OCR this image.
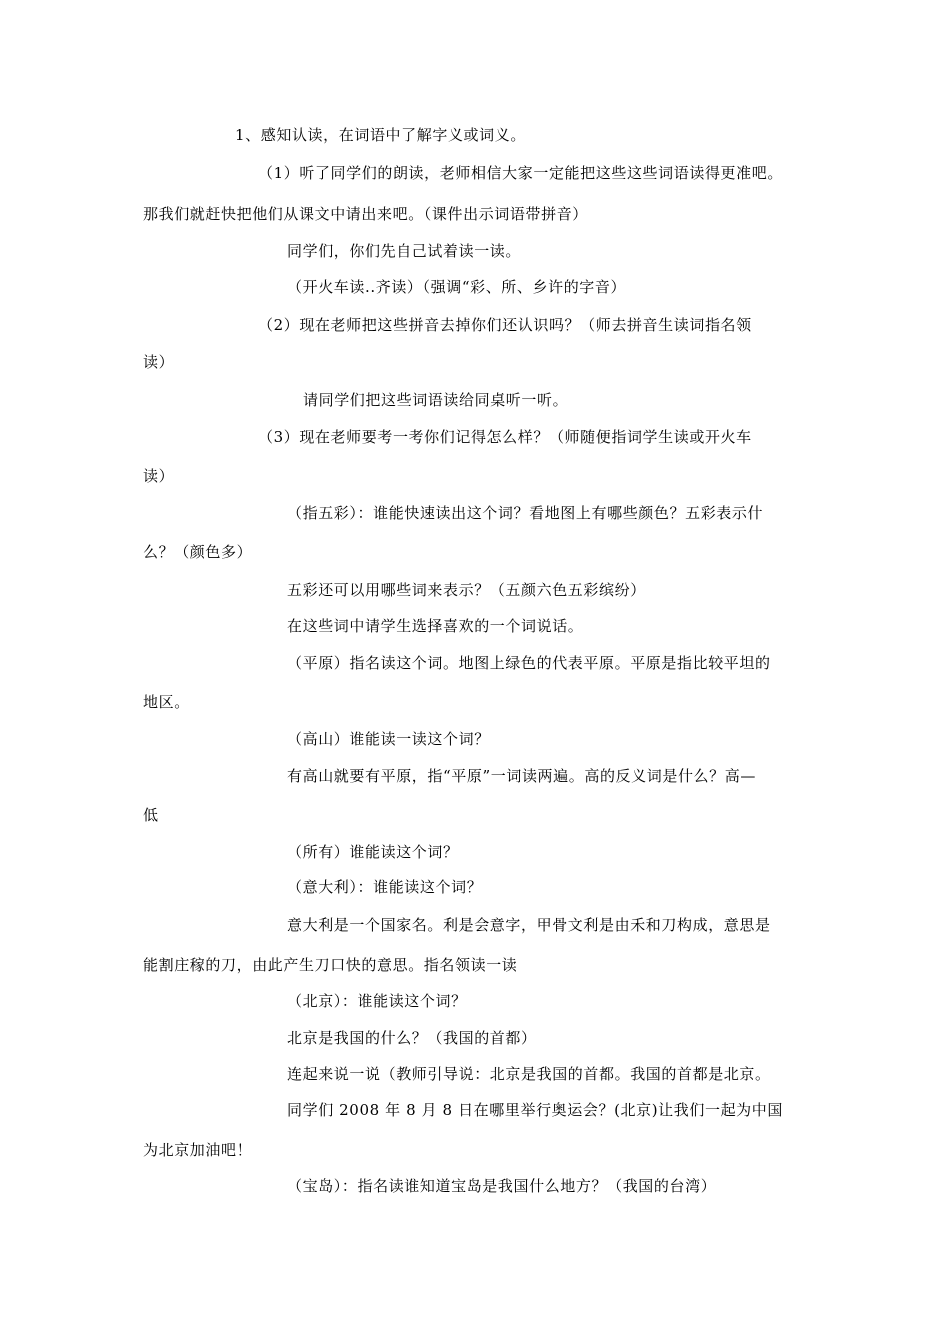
1、感知认读，在词语中了解字义或词义。
（1）听了同学们的朗读，老师相信大家一定能把这些这些词语读得更准吧。
那我们就赶快把他们从课文中请出来吧。（课件出示词语带拼音）
同学们，你们先自己试着读一读。
（开火车读..齐读）（强调“彩、所、乡许的字音）
（2）现在老师把这些拼音去掉你们还认识吗？（师去拼音生读词指名领
读）
请同学们把这些词语读给同桌听一听。
（3）现在老师要考一考你们记得怎么样？（师随便指词学生读或开火车
读）
（指五彩）：谁能快速读出这个词？看地图上有哪些颜色？五彩表示什
么？（颜色多）
五彩还可以用哪些词来表示？（五颜六色五彩缤纷）
在这些词中请学生选择喜欢的一个词说话。
（平原）指名读这个词。地图上绿色的代表平原。平原是指比较平坦的
地区。
（高山）谁能读一读这个词？
有高山就要有平原，指“平原”一词读两遍。高的反义词是什么？高—
低
（所有）谁能读这个词？
（意大利）：谁能读这个词？
意大利是一个国家名。利是会意字，甲骨文利是由禾和刀构成，意思是
能割庄稼的刀，由此产生刀口快的意思。指名领读一读
（北京）：谁能读这个词？
北京是我国的什么？（我国的首都）
连起来说一说（教师引导说：北京是我国的首都。我国的首都是北京。
同学们 2008 年 8 月 8 日在哪里举行奥运会？(北京)让我们一起为中国
为北京加油吧！
（宝岛）：指名读谁知道宝岛是我国什么地方？（我国的台湾）
